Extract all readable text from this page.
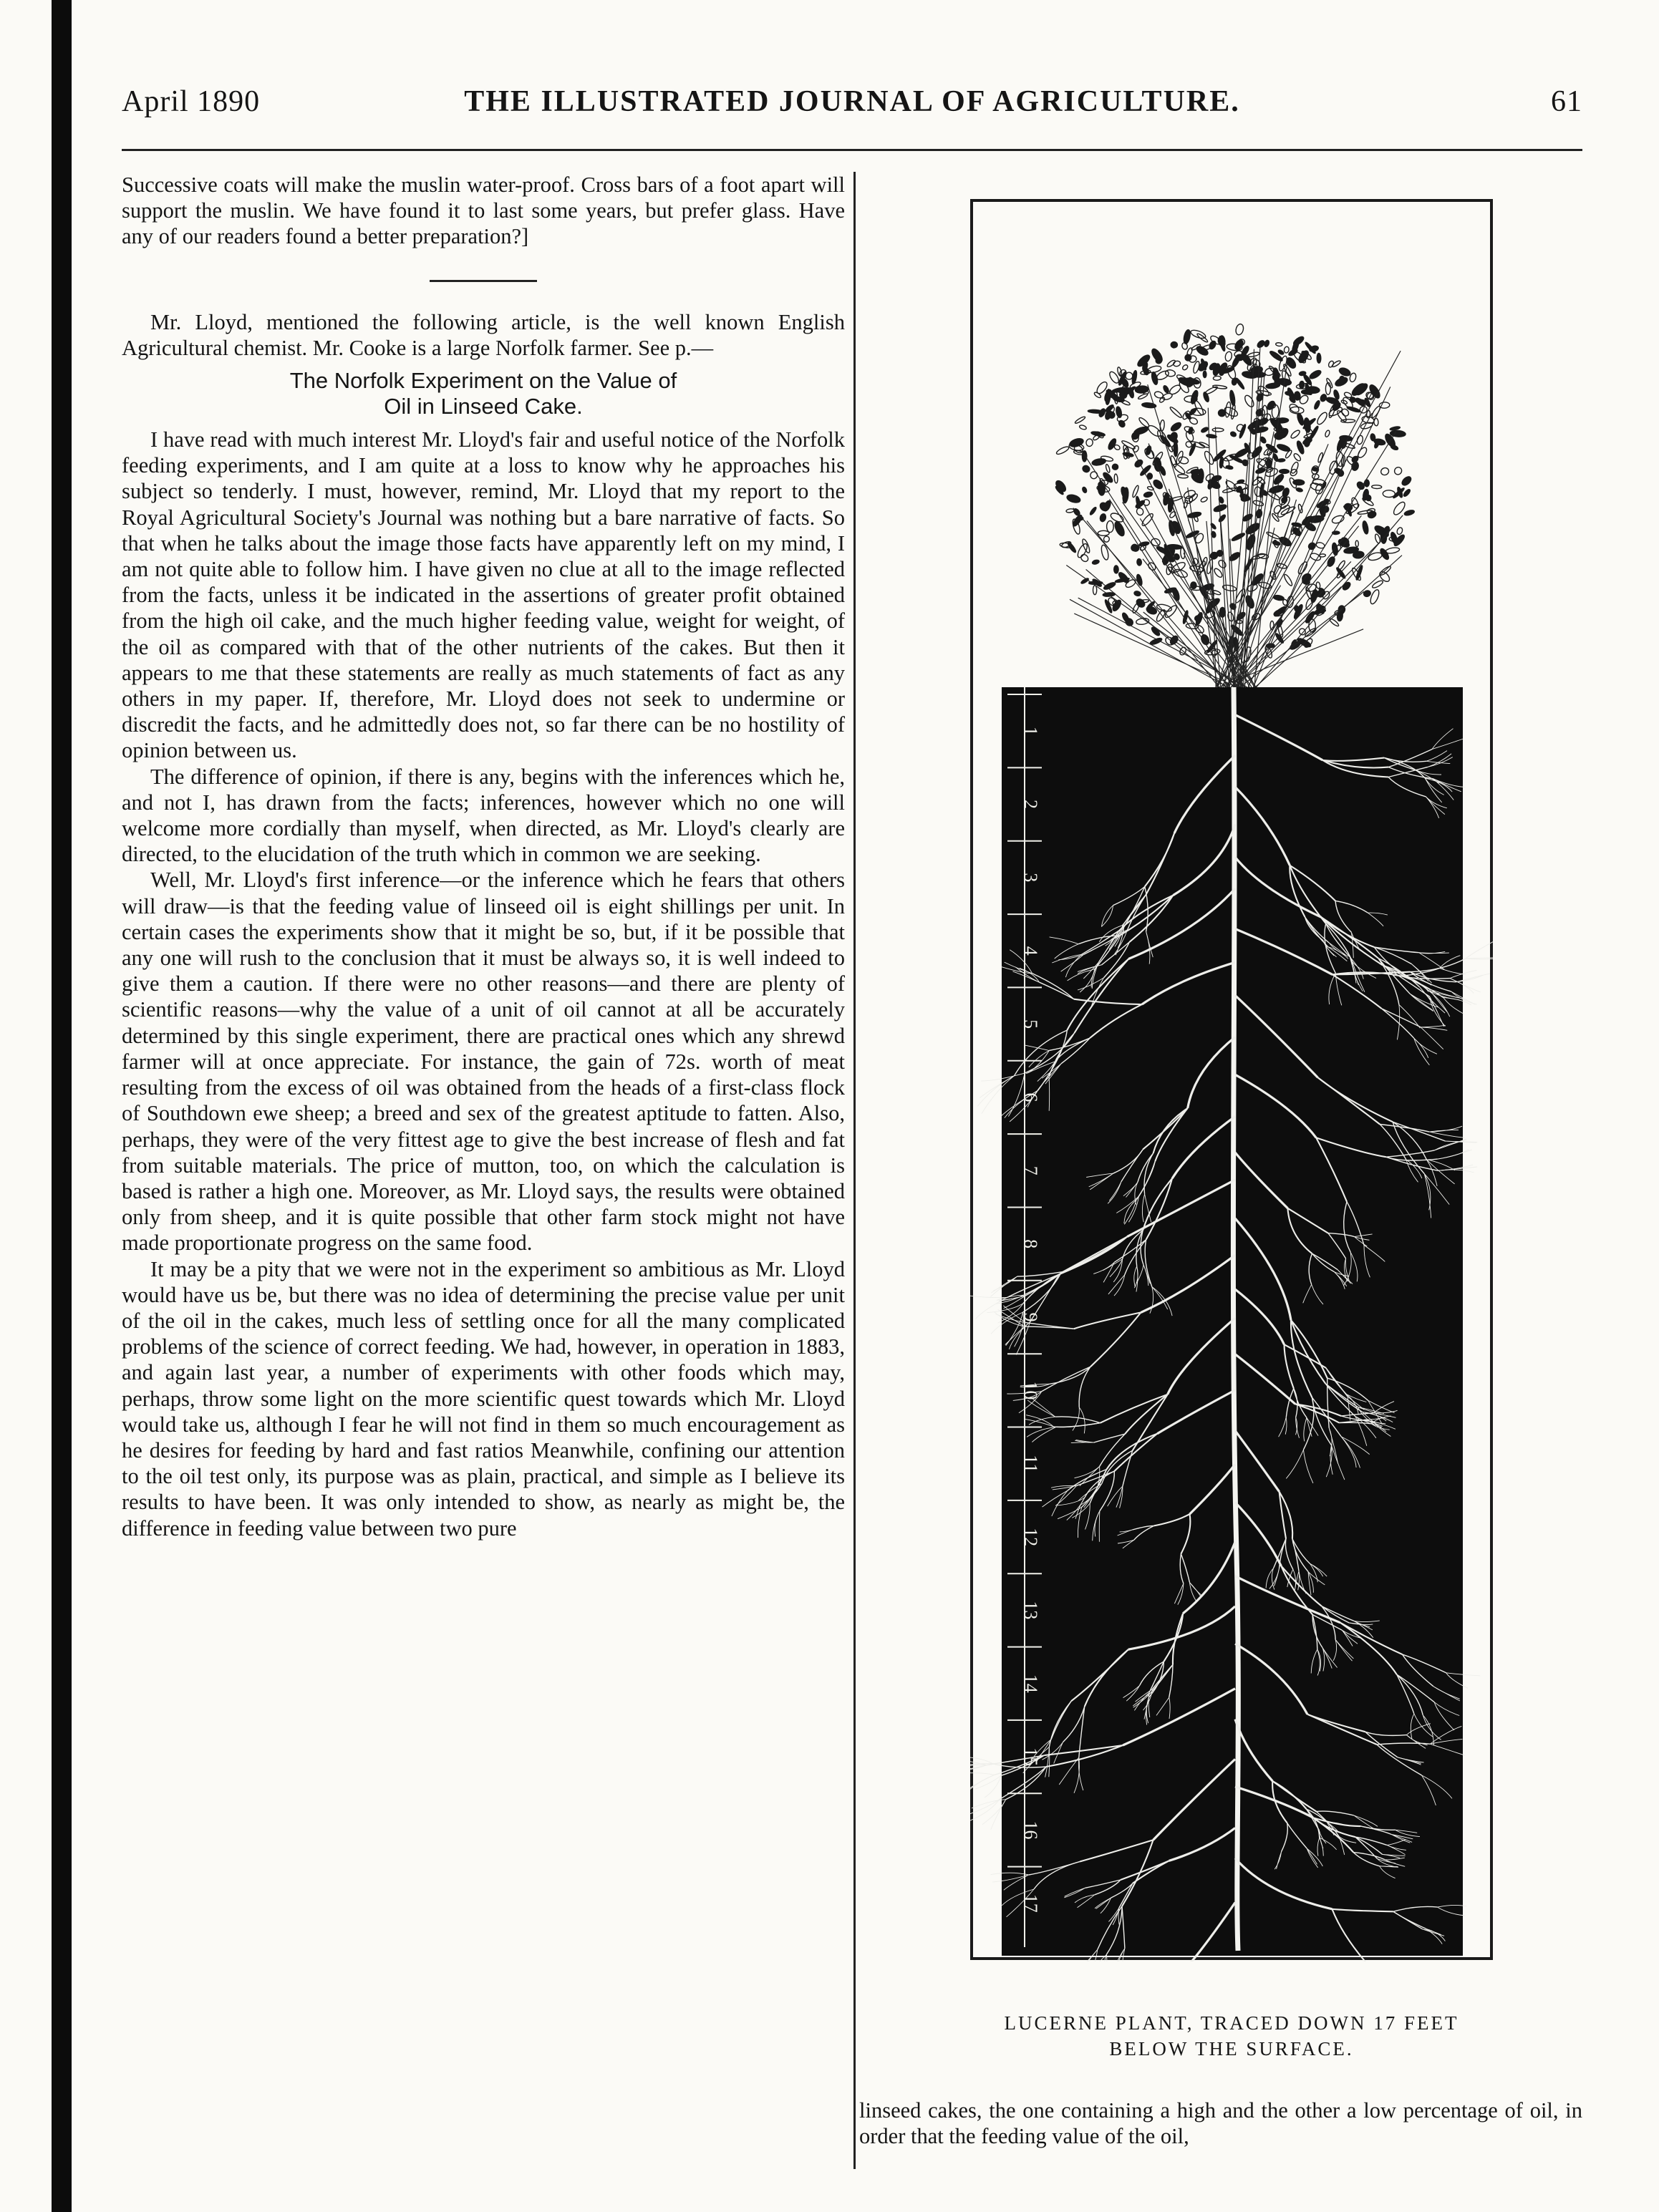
THE ILLUSTRATED JOURNAL OF AGRICULTURE.
April 1890	61

Successive coats will make the muslin water-proof. Cross bars of a foot apart will support the muslin. We have found it to last some years, but prefer glass. Have any of our readers found a better preparation?]

Mr. Lloyd, mentioned the following article, is the well known English Agricultural chemist. Mr. Cooke is a large Norfolk farmer. See p.—

The Norfolk Experiment on the Value of
Oil in Linseed Cake.

I have read with much interest Mr. Lloyd's fair and useful notice of the Norfolk feeding experiments, and I am quite at a loss to know why he approaches his subject so tenderly. I must, however, remind, Mr. Lloyd that my report to the Royal Agricultural Society's Journal was nothing but a bare narrative of facts. So that when he talks about the image those facts have apparently left on my mind, I am not quite able to follow him. I have given no clue at all to the image reflected from the facts, unless it be indicated in the assertions of greater profit obtained from the high oil cake, and the much higher feeding value, weight for weight, of the oil as compared with that of the other nutrients of the cakes. But then it appears to me that these statements are really as much statements of fact as any others in my paper. If, therefore, Mr. Lloyd does not seek to undermine or discredit the facts, and he admittedly does not, so far there can be no hostility of opinion between us.

The difference of opinion, if there is any, begins with the inferences which he, and not I, has drawn from the facts; inferences, however which no one will welcome more cordially than myself, when directed, as Mr. Lloyd's clearly are directed, to the elucidation of the truth which in common we are seeking.

Well, Mr. Lloyd's first inference—or the inference which he fears that others will draw—is that the feeding value of linseed oil is eight shillings per unit. In certain cases the experiments show that it might be so, but, if it be possible that any one will rush to the conclusion that it must be always so, it is well indeed to give them a caution. If there were no other reasons—and there are plenty of scientific reasons—why the value of a unit of oil cannot at all be accurately determined by this single experiment, there are practical ones which any shrewd farmer will at once appreciate. For instance, the gain of 72s. worth of meat resulting from the excess of oil was obtained from the heads of a first-class flock of Southdown ewe sheep; a breed and sex of the greatest aptitude to fatten. Also, perhaps, they were of the very fittest age to give the best increase of flesh and fat from suitable materials. The price of mutton, too, on which the calculation is based is rather a high one. Moreover, as Mr. Lloyd says, the results were obtained only from sheep, and it is quite possible that other farm stock might not have made proportionate progress on the same food.

It may be a pity that we were not in the experiment so ambitious as Mr. Lloyd would have us be, but there was no idea of determining the precise value per unit of the oil in the cakes, much less of settling once for all the many complicated problems of the science of correct feeding. We had, however, in operation in 1883, and again last year, a number of experiments with other foods which may, perhaps, throw some light on the more scientific quest towards which Mr. Lloyd would take us, although I fear he will not find in them so much encouragement as he desires for feeding by hard and fast ratios Meanwhile, confining our attention to the oil test only, its purpose was as plain, practical, and simple as I believe its results to have been. It was only intended to show, as nearly as might be, the difference in feeding value between two pure

1
2
3
4
5
6
7
8
9
10
11
12
13
14
15
16
17
LUCERNE PLANT, TRACED DOWN 17 FEET
BELOW THE SURFACE.

linseed cakes, the one containing a high and the other a low percentage of oil, in order that the feeding value of the oil,
